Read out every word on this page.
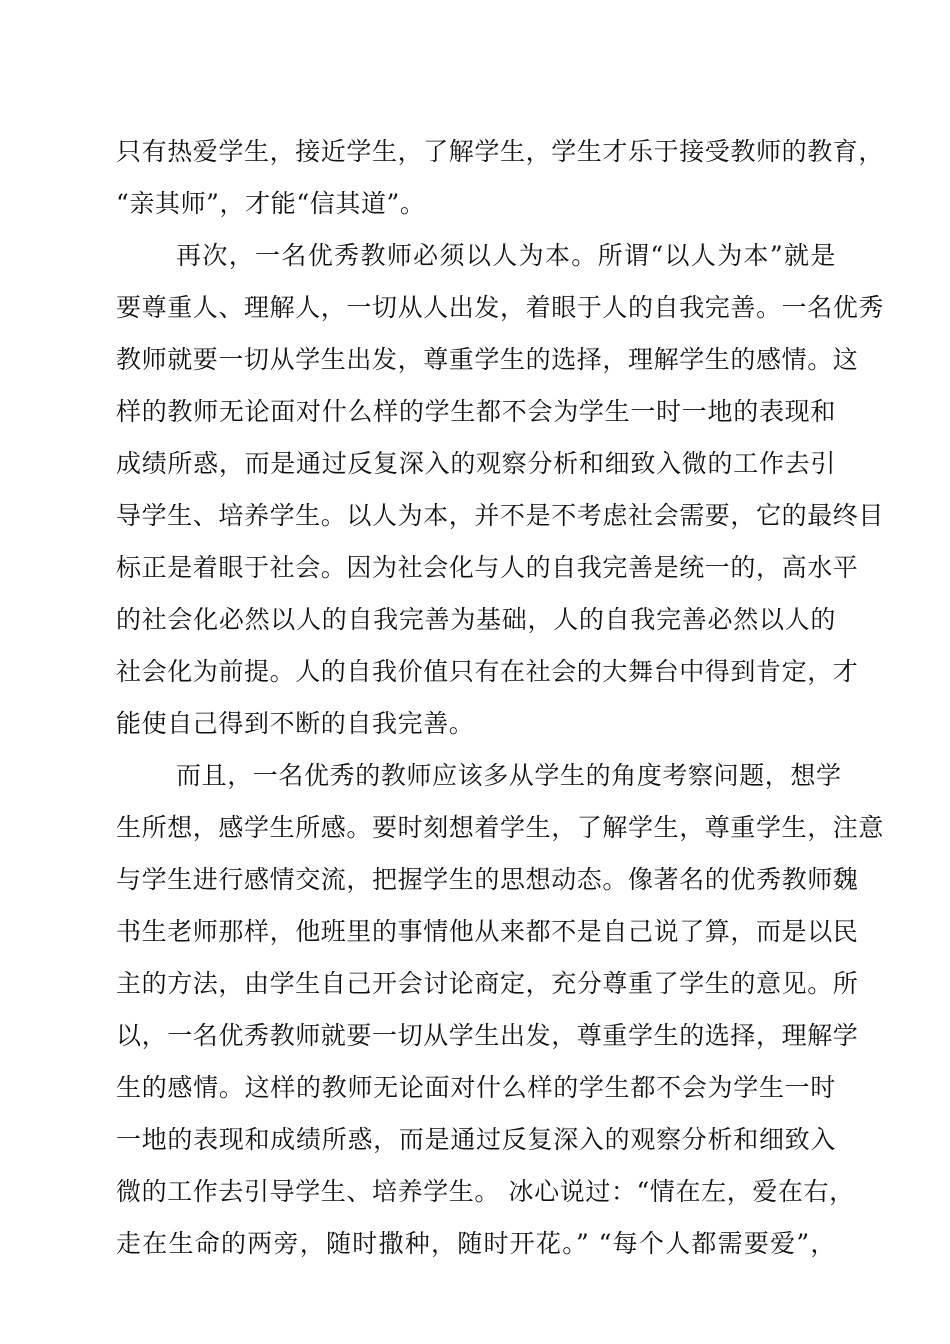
只有热爱学生，接近学生，了解学生，学生才乐于接受教师的教育，
“亲其师”，才能“信其道”。
再次，一名优秀教师必须以人为本。所谓“以人为本”就是
要尊重人、理解人，一切从人出发，着眼于人的自我完善。一名优秀
教师就要一切从学生出发，尊重学生的选择，理解学生的感情。这
样的教师无论面对什么样的学生都不会为学生一时一地的表现和
成绩所惑，而是通过反复深入的观察分析和细致入微的工作去引
导学生、培养学生。以人为本，并不是不考虑社会需要，它的最终目
标正是着眼于社会。因为社会化与人的自我完善是统一的，高水平
的社会化必然以人的自我完善为基础，人的自我完善必然以人的
社会化为前提。人的自我价值只有在社会的大舞台中得到肯定，才
能使自己得到不断的自我完善。
而且，一名优秀的教师应该多从学生的角度考察问题，想学
生所想，感学生所感。要时刻想着学生，了解学生，尊重学生，注意
与学生进行感情交流，把握学生的思想动态。像著名的优秀教师魏
书生老师那样，他班里的事情他从来都不是自己说了算，而是以民
主的方法，由学生自己开会讨论商定，充分尊重了学生的意见。所
以，一名优秀教师就要一切从学生出发，尊重学生的选择，理解学
生的感情。这样的教师无论面对什么样的学生都不会为学生一时
一地的表现和成绩所惑，而是通过反复深入的观察分析和细致入
微的工作去引导学生、培养学生。 冰心说过：“情在左，爱在右，
走在生命的两旁，随时撒种，随时开花。” “每个人都需要爱”，
